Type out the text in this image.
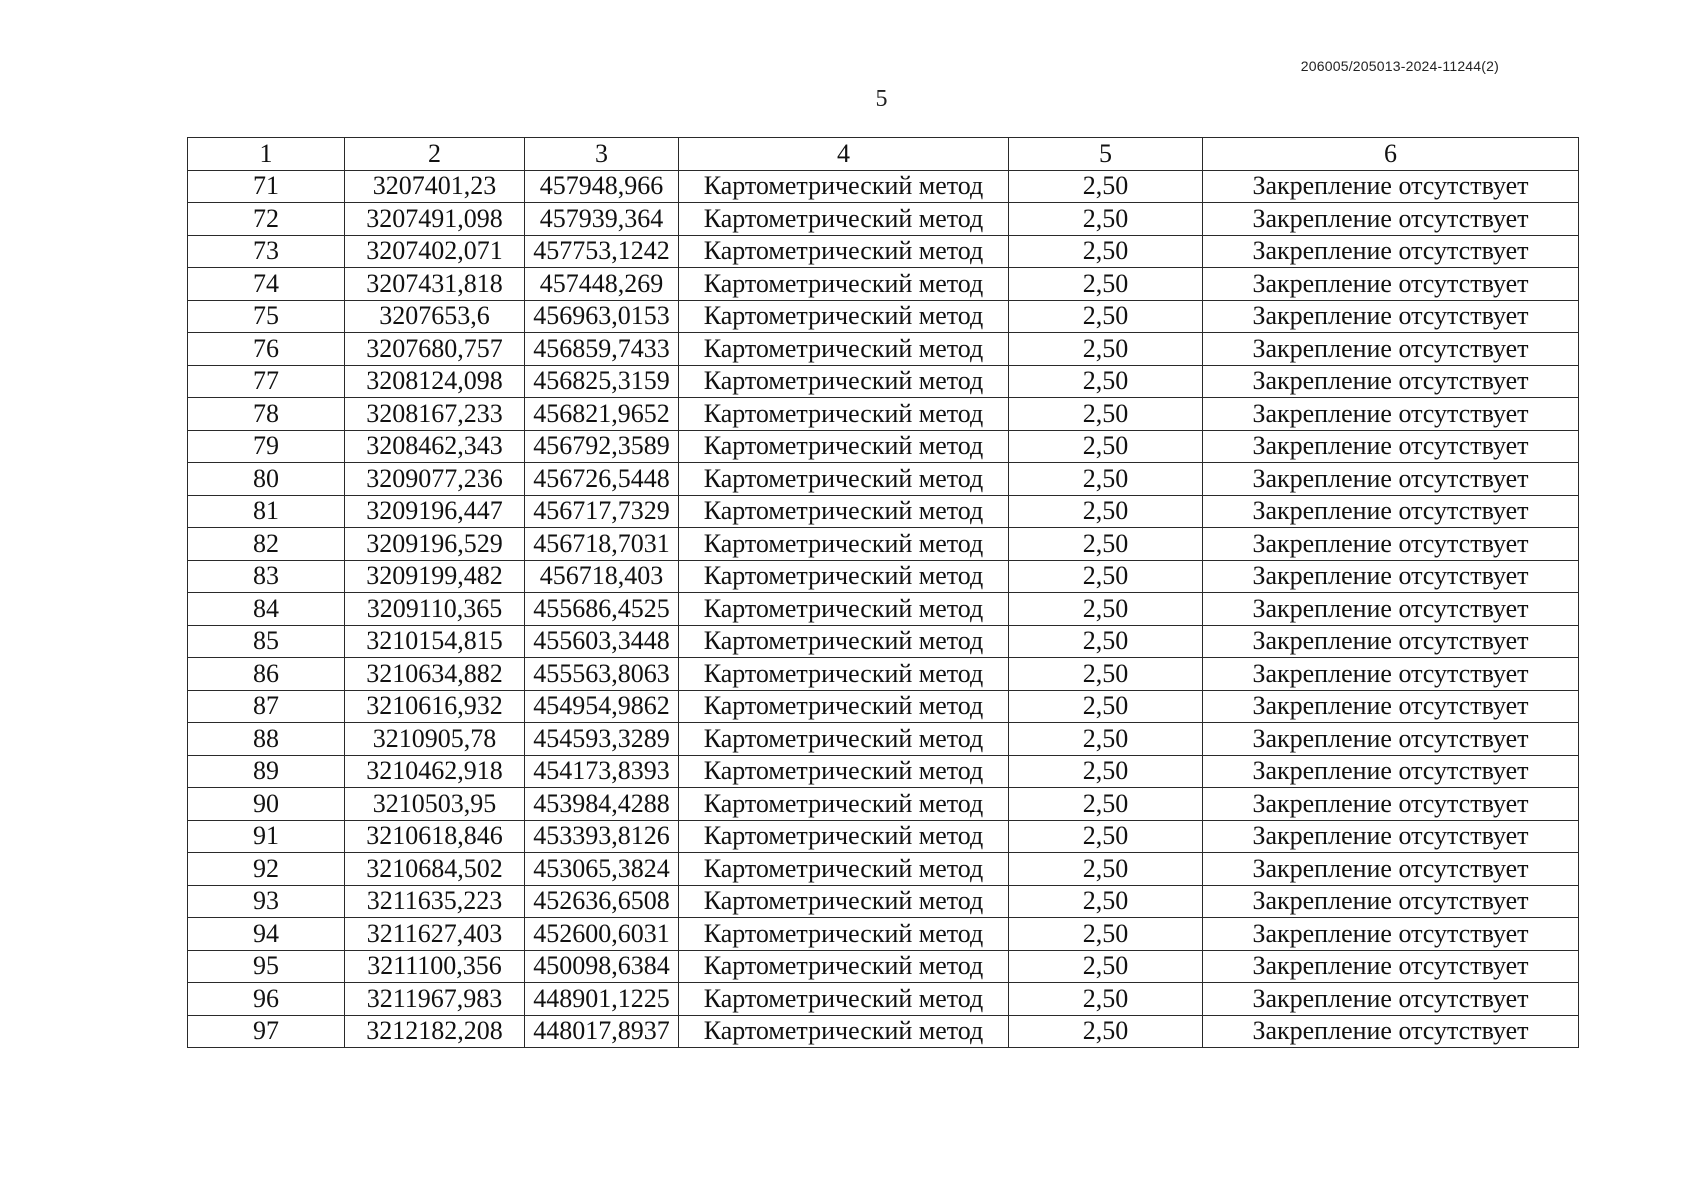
206005/205013-2024-11244(2)
5
1	2	3	4	5	6
71	3207401,23	457948,966	Картометрический метод	2,50	Закрепление отсутствует
72	3207491,098	457939,364	Картометрический метод	2,50	Закрепление отсутствует
73	3207402,071	457753,1242	Картометрический метод	2,50	Закрепление отсутствует
74	3207431,818	457448,269	Картометрический метод	2,50	Закрепление отсутствует
75	3207653,6	456963,0153	Картометрический метод	2,50	Закрепление отсутствует
76	3207680,757	456859,7433	Картометрический метод	2,50	Закрепление отсутствует
77	3208124,098	456825,3159	Картометрический метод	2,50	Закрепление отсутствует
78	3208167,233	456821,9652	Картометрический метод	2,50	Закрепление отсутствует
79	3208462,343	456792,3589	Картометрический метод	2,50	Закрепление отсутствует
80	3209077,236	456726,5448	Картометрический метод	2,50	Закрепление отсутствует
81	3209196,447	456717,7329	Картометрический метод	2,50	Закрепление отсутствует
82	3209196,529	456718,7031	Картометрический метод	2,50	Закрепление отсутствует
83	3209199,482	456718,403	Картометрический метод	2,50	Закрепление отсутствует
84	3209110,365	455686,4525	Картометрический метод	2,50	Закрепление отсутствует
85	3210154,815	455603,3448	Картометрический метод	2,50	Закрепление отсутствует
86	3210634,882	455563,8063	Картометрический метод	2,50	Закрепление отсутствует
87	3210616,932	454954,9862	Картометрический метод	2,50	Закрепление отсутствует
88	3210905,78	454593,3289	Картометрический метод	2,50	Закрепление отсутствует
89	3210462,918	454173,8393	Картометрический метод	2,50	Закрепление отсутствует
90	3210503,95	453984,4288	Картометрический метод	2,50	Закрепление отсутствует
91	3210618,846	453393,8126	Картометрический метод	2,50	Закрепление отсутствует
92	3210684,502	453065,3824	Картометрический метод	2,50	Закрепление отсутствует
93	3211635,223	452636,6508	Картометрический метод	2,50	Закрепление отсутствует
94	3211627,403	452600,6031	Картометрический метод	2,50	Закрепление отсутствует
95	3211100,356	450098,6384	Картометрический метод	2,50	Закрепление отсутствует
96	3211967,983	448901,1225	Картометрический метод	2,50	Закрепление отсутствует
97	3212182,208	448017,8937	Картометрический метод	2,50	Закрепление отсутствует
